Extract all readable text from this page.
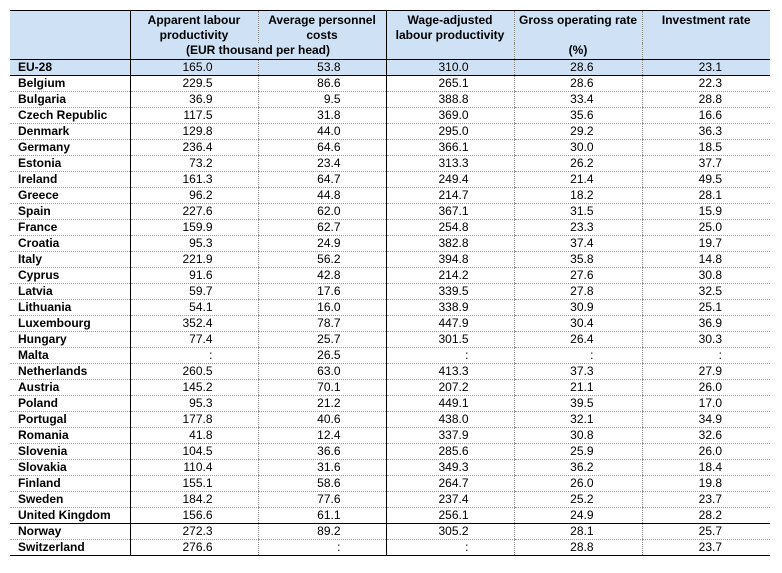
	Apparent labour productivity	Average personnel costs	Wage-adjusted labour productivity	Gross operating rate	Investment rate
	(EUR thousand per head)			(%)	
EU-28	165.0	53.8	310.0	28.6	23.1
Belgium	229.5	86.6	265.1	28.6	22.3
Bulgaria	36.9	9.5	388.8	33.4	28.8
Czech Republic	117.5	31.8	369.0	35.6	16.6
Denmark	129.8	44.0	295.0	29.2	36.3
Germany	236.4	64.6	366.1	30.0	18.5
Estonia	73.2	23.4	313.3	26.2	37.7
Ireland	161.3	64.7	249.4	21.4	49.5
Greece	96.2	44.8	214.7	18.2	28.1
Spain	227.6	62.0	367.1	31.5	15.9
France	159.9	62.7	254.8	23.3	25.0
Croatia	95.3	24.9	382.8	37.4	19.7
Italy	221.9	56.2	394.8	35.8	14.8
Cyprus	91.6	42.8	214.2	27.6	30.8
Latvia	59.7	17.6	339.5	27.8	32.5
Lithuania	54.1	16.0	338.9	30.9	25.1
Luxembourg	352.4	78.7	447.9	30.4	36.9
Hungary	77.4	25.7	301.5	26.4	30.3
Malta	:	26.5	:	:	:
Netherlands	260.5	63.0	413.3	37.3	27.9
Austria	145.2	70.1	207.2	21.1	26.0
Poland	95.3	21.2	449.1	39.5	17.0
Portugal	177.8	40.6	438.0	32.1	34.9
Romania	41.8	12.4	337.9	30.8	32.6
Slovenia	104.5	36.6	285.6	25.9	26.0
Slovakia	110.4	31.6	349.3	36.2	18.4
Finland	155.1	58.6	264.7	26.0	19.8
Sweden	184.2	77.6	237.4	25.2	23.7
United Kingdom	156.6	61.1	256.1	24.9	28.2
Norway	272.3	89.2	305.2	28.1	25.7
Switzerland	276.6	:	:	28.8	23.7
